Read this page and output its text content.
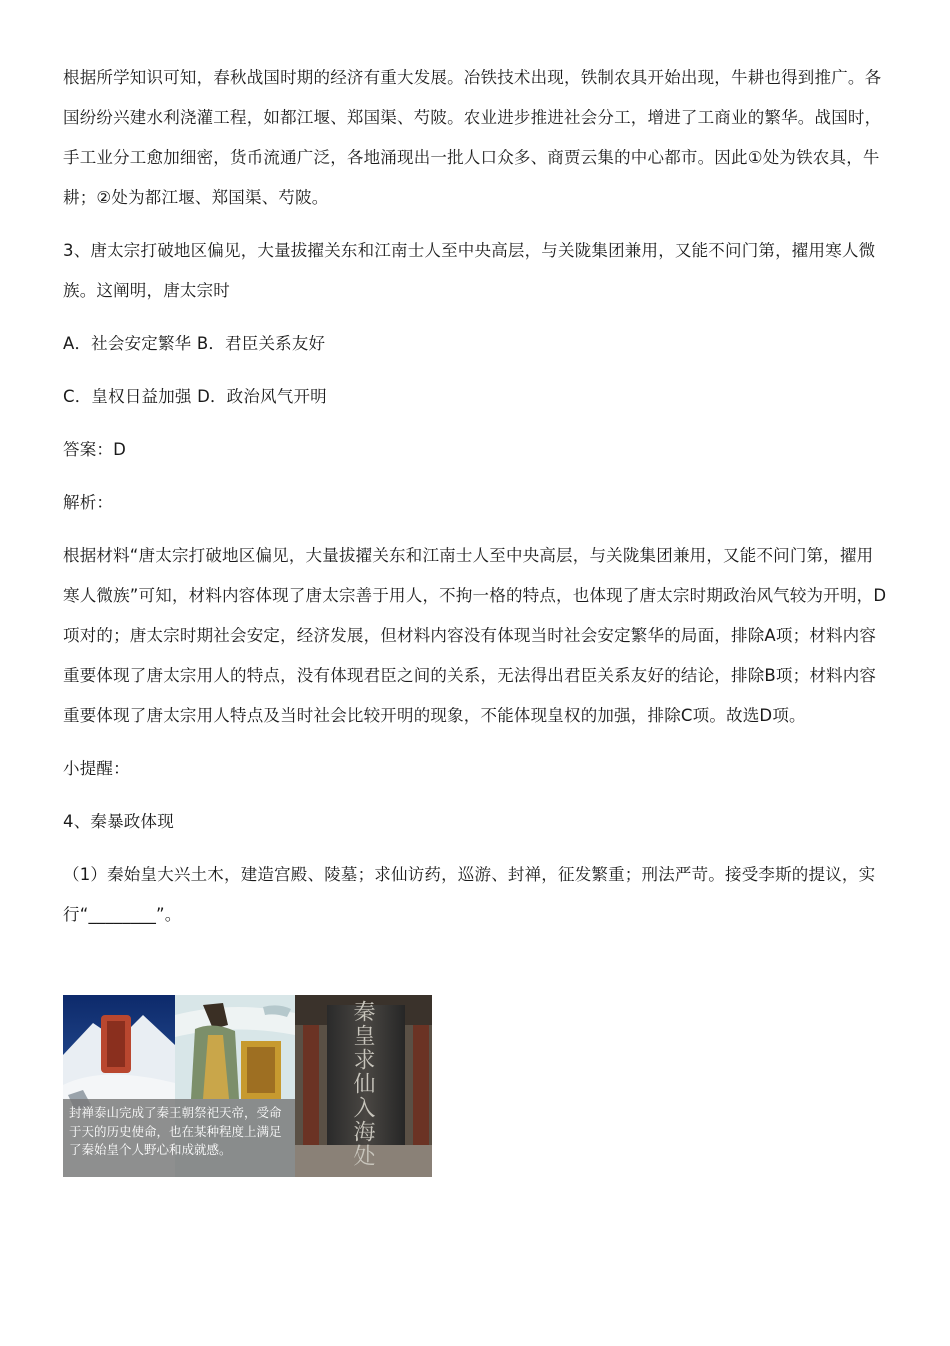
根据所学知识可知，春秋战国时期的经济有重大发展。冶铁技术出现，铁制农具开始出现，牛耕也得到推广。各国纷纷兴建水利浇灌工程，如都江堰、郑国渠、芍陂。农业进步推进社会分工，增进了工商业的繁华。战国时，手工业分工愈加细密，货币流通广泛，各地涌现出一批人口众多、商贾云集的中心都市。因此①处为铁农具，牛耕；②处为都江堰、郑国渠、芍陂。

3、唐太宗打破地区偏见，大量拔擢关东和江南士人至中央高层，与关陇集团兼用，又能不问门第，擢用寒人微族。这阐明，唐太宗时

A．社会安定繁华 B．君臣关系友好

C．皇权日益加强 D．政治风气开明

答案：D

解析：

根据材料“唐太宗打破地区偏见，大量拔擢关东和江南士人至中央高层，与关陇集团兼用，又能不问门第，擢用寒人微族”可知，材料内容体现了唐太宗善于用人，不拘一格的特点，也体现了唐太宗时期政治风气较为开明，D项对的；唐太宗时期社会安定，经济发展，但材料内容没有体现当时社会安定繁华的局面，排除A项；材料内容重要体现了唐太宗用人的特点，没有体现君臣之间的关系，无法得出君臣关系友好的结论，排除B项；材料内容重要体现了唐太宗用人特点及当时社会比较开明的现象，不能体现皇权的加强，排除C项。故选D项。

小提醒：

4、秦暴政体现

（1）秦始皇大兴土木，建造宫殿、陵墓；求仙访药，巡游、封禅，征发繁重；刑法严苛。接受李斯的提议，实行“________”。

封禅泰山完成了秦王朝祭祀天帝，受命于天的历史使命，也在某种程度上满足了秦始皇个人野心和成就感。	秦皇求仙入海处
